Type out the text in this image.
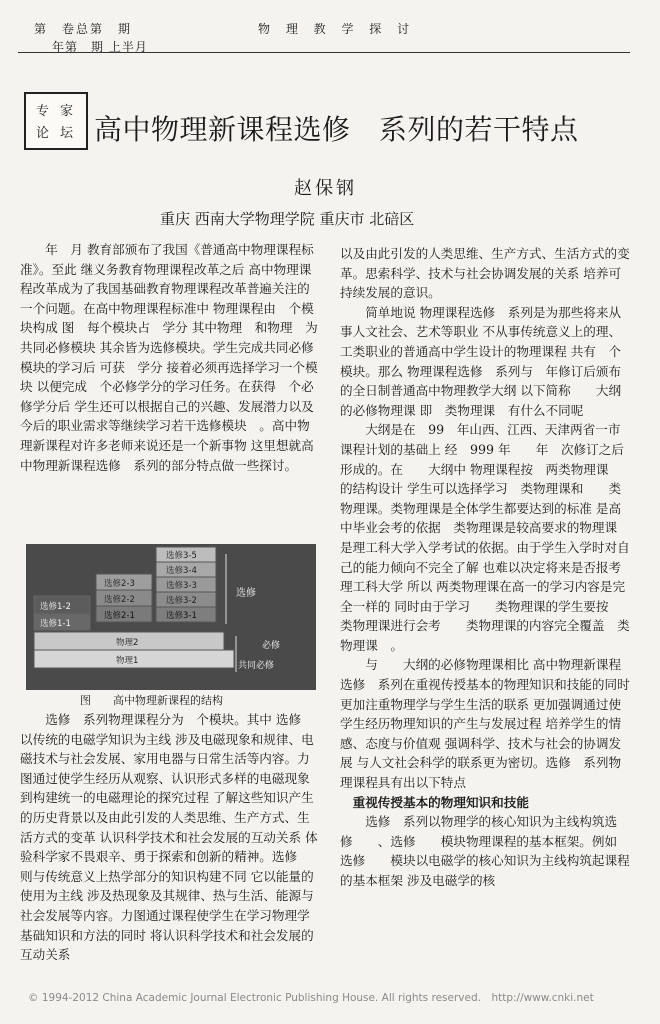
第　卷总第　期
年第　期 上半月
物 理 教 学 探 讨
专 家
论 坛 高中物理新课程选修　系列的若干特点
赵保钢
重庆 西南大学物理学院 重庆市 北碚区

年　月 教育部颁布了我国《普通高中物理课程标准》。至此 继义务教育物理课程改革之后 高中物理课程改革成为了我国基础教育物理课程改革普遍关注的一个问题。在高中物理课程标准中 物理课程由　个模块构成 图　每个模块占　学分 其中物理　和物理　为共同必修模块 其余皆为选修模块。学生完成共同必修模块的学习后 可获　学分 接着必须再选择学习一个模块 以便完成　个必修学分的学习任务。在获得　个必修学分后 学生还可以根据自己的兴趣、发展潜力以及今后的职业需求等继续学习若干选修模块　。高中物理新课程对许多老师来说还是一个新事物 这里想就高中物理新课程选修　系列的部分特点做一些探讨。

选修3-5
选修3-4
选修3-3
选修3-2
选修3-1
选修2-3
选修2-2
选修2-1
选修1-2
选修1-1
物理2
物理1
选修
必修
共同必修
图　　高中物理新课程的结构

选修　系列物理课程分为　个模块。其中 选修　　以传统的电磁学知识为主线 涉及电磁现象和规律、电磁技术与社会发展、家用电器与日常生活等内容。力图通过使学生经历从观察、认识形式多样的电磁现象到构建统一的电磁理论的探究过程 了解这些知识产生的历史背景以及由此引发的人类思维、生产方式、生活方式的变革 认识科学技术和社会发展的互动关系 体验科学家不畏艰辛、勇于探索和创新的精神。选修　　则与传统意义上热学部分的知识构建不同 它以能量的使用为主线 涉及热现象及其规律、热与生活、能源与社会发展等内容。力图通过课程使学生在学习物理学基础知识和方法的同时 将认识科学技术和社会发展的互动关系

以及由此引发的人类思维、生产方式、生活方式的变革。思索科学、技术与社会协调发展的关系 培养可持续发展的意识。

简单地说 物理课程选修　系列是为那些将来从事人文社会、艺术等职业 不从事传统意义上的理、工类职业的普通高中学生设计的物理课程 共有　个模块。那么 物理课程选修　系列与　年修订后颁布的全日制普通高中物理教学大纲 以下简称　　大纲　的必修物理课 即　类物理课　有什么不同呢

大纲是在　99　年山西、江西、天津两省一市课程计划的基础上 经　999 年　　年　次修订之后形成的。在　　大纲中 物理课程按　两类物理课　的结构设计 学生可以选择学习　类物理课和　　类物理课。类物理课是全体学生都要达到的标准 是高中毕业会考的依据　类物理课是较高要求的物理课 是理工科大学入学考试的依据。由于学生入学时对自己的能力倾向不完全了解 也难以决定将来是否报考理工科大学 所以 两类物理课在高一的学习内容是完全一样的 同时由于学习　　类物理课的学生要按　类物理课进行会考　　类物理课的内容完全覆盖　类物理课　。

与　　大纲的必修物理课相比 高中物理新课程选修　系列在重视传授基本的物理知识和技能的同时 更加注重物理学与学生生活的联系 更加强调通过使学生经历物理知识的产生与发展过程 培养学生的情感、态度与价值观 强调科学、技术与社会的协调发展 与人文社会科学的联系更为密切。选修　系列物理课程具有出以下特点

重视传授基本的物理知识和技能

选修　系列以物理学的核心知识为主线构筑选修　　、选修　　模块物理课程的基本框架。例如 选修　　模块以电磁学的核心知识为主线构筑起课程的基本框架 涉及电磁学的核

© 1994-2012 China Academic Journal Electronic Publishing House. All rights reserved.　http://www.cnki.net
